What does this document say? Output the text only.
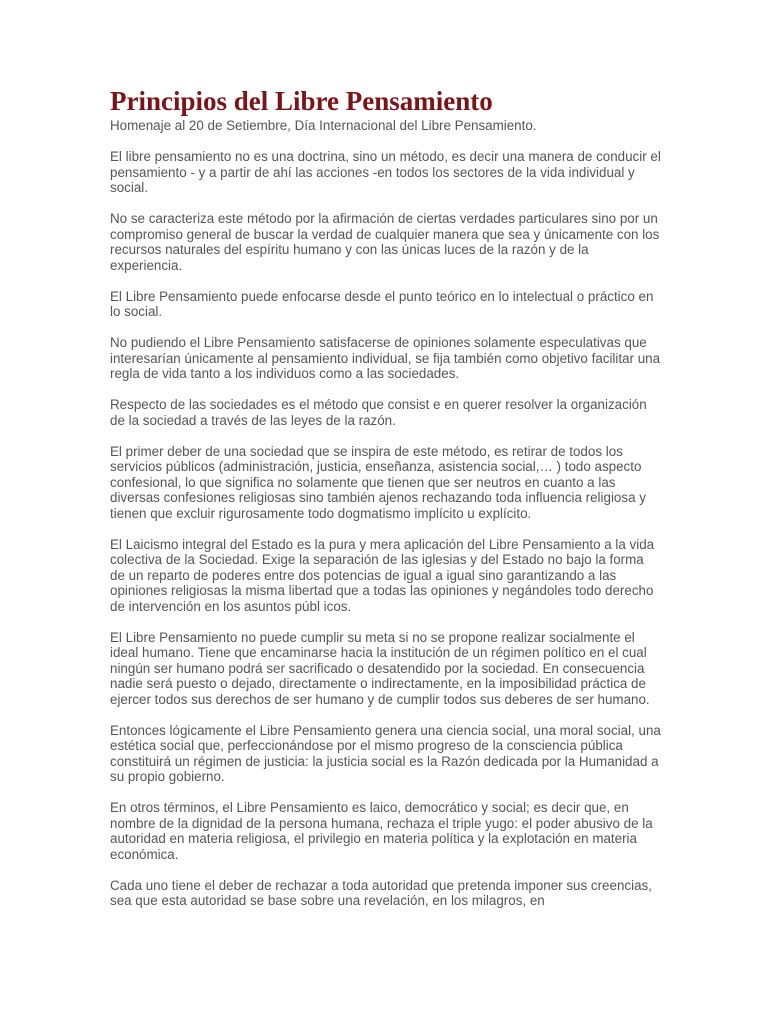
Principios del Libre Pensamiento

Homenaje al 20 de Setiembre, Día Internacional del Libre Pensamiento.

El libre pensamiento no es una doctrina, sino un método, es decir una manera de conducir el pensamiento - y a partir de ahí las acciones -en todos los sectores de la vida individual y social.

No se caracteriza este método por la afirmación de ciertas verdades particulares sino por un compromiso general de buscar la verdad de cualquier manera que sea y únicamente con los recursos naturales del espíritu humano y con las únicas luces de la razón y de la experiencia.

El Libre Pensamiento puede enfocarse desde el punto teórico en lo intelectual o práctico en lo social.

No pudiendo el Libre Pensamiento satisfacerse de opiniones solamente especulativas que interesarían únicamente al pensamiento individual, se fija también como objetivo facilitar una regla de vida tanto a los individuos como a las sociedades.

Respecto de las sociedades es el método que consist e en querer resolver la organización de la sociedad a través de las leyes de la razón.

El primer deber de una sociedad que se inspira de este método, es retirar de todos los servicios públicos (administración, justicia, enseñanza, asistencia social,… ) todo aspecto confesional, lo que significa no solamente que tienen que ser neutros en cuanto a las diversas confesiones religiosas sino también ajenos rechazando toda influencia religiosa y tienen que excluir rigurosamente todo dogmatismo implícito u explícito.

El Laicismo integral del Estado es la pura y mera aplicación del Libre Pensamiento a la vida colectiva de la Sociedad. Exige la separación de las iglesias y del Estado no bajo la forma de un reparto de poderes entre dos potencias de igual a igual sino garantizando a las opiniones religiosas la misma libertad que a todas las opiniones y negándoles todo derecho de intervención en los asuntos públ icos.

El Libre Pensamiento no puede cumplir su meta si no se propone realizar socialmente el ideal humano. Tiene que encaminarse hacia la institución de un régimen político en el cual ningún ser humano podrá ser sacrificado o desatendido por la sociedad. En consecuencia nadie será puesto o dejado, directamente o indirectamente, en la imposibilidad práctica de ejercer todos sus derechos de ser humano y de cumplir todos sus deberes de ser humano.

Entonces lógicamente el Libre Pensamiento genera una ciencia social, una moral social, una estética social que, perfeccionándose por el mismo progreso de la consciencia pública constituirá un régimen de justicia: la justicia social es la Razón dedicada por la Humanidad a su propio gobierno.

En otros términos, el Libre Pensamiento es laico, democrático y social; es decir que, en nombre de la dignidad de la persona humana, rechaza el triple yugo: el poder abusivo de la autoridad en materia religiosa, el privilegio en materia política y la explotación en materia económica.

Cada uno tiene el deber de rechazar a toda autoridad que pretenda imponer sus creencias, sea que esta autoridad se base sobre una revelación, en los milagros, en
